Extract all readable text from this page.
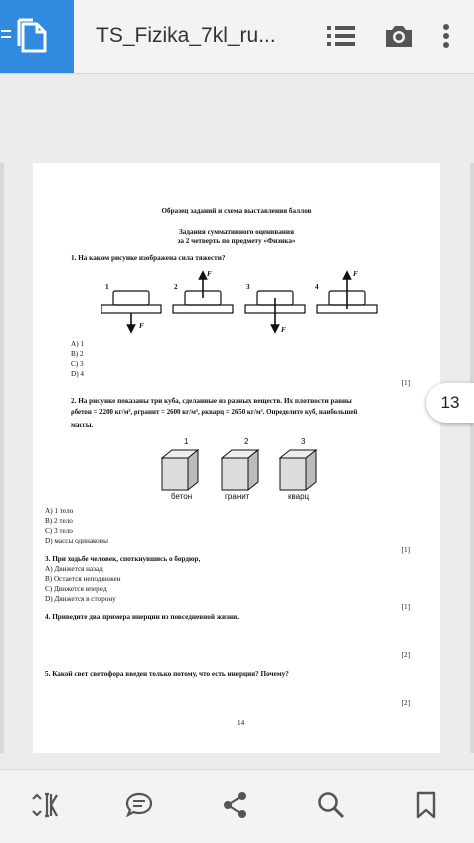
TS_Fizika_7kl_ru...
Образец заданий и схема выставления баллов
Задания суммативного оценивания
за 2 четверть по предмету «Физика»
1. На каком рисунке изображена сила тяжести?
1	2	3	4
F
F
F
F
A) 1
B) 2
C) 3
D) 4
[1]
2. На рисунке показаны три куба, сделанные из разных веществ. Их плотности равны
ρбетон = 2200 кг/м³, ρгранит = 2600 кг/м³, ρкварц = 2650 кг/м³. Определите куб, наибольшей
массы.
1	2	3
бетон	гранит	кварц
A) 1 тело
B) 2 тело
C) 3 тело
D) массы одинаковы
[1]
3. При ходьбе человек, споткнувшись о бордюр,
A) Движется назад
B) Остается неподвижен
C) Движется вперед
D) Движется в сторону
[1]
4. Приведите два примера инерции из повседневной жизни.
[2]
5. Какой свет светофора введен только потому, что есть инерция? Почему?
[2]
14
13
